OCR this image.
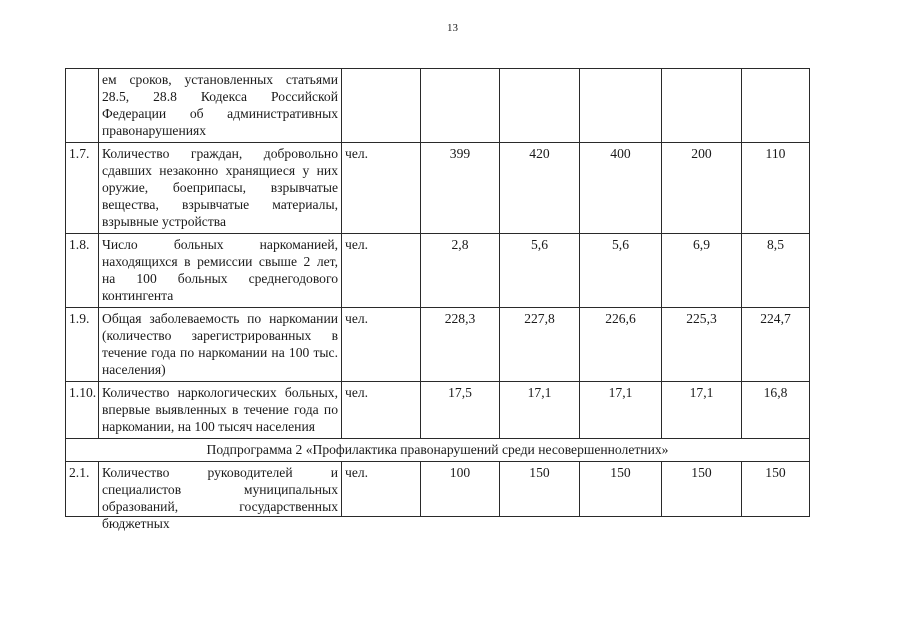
13
	ем сроков, установленных статьями 28.5, 28.8 Кодекса Российской Федерации об административных правонарушениях						
1.7.	Количество граждан, добровольно сдавших незаконно хранящиеся у них оружие, боеприпасы, взрывчатые вещества, взрывчатые материалы, взрывные устройства	чел.	399	420	400	200	110
1.8.	Число больных наркоманией, находящихся в ремиссии свыше 2 лет, на 100 больных среднегодового контингента	чел.	2,8	5,6	5,6	6,9	8,5
1.9.	Общая заболеваемость по наркомании (количество зарегистрированных в течение года по наркомании на 100 тыс. населения)	чел.	228,3	227,8	226,6	225,3	224,7
1.10.	Количество наркологических больных, впервые выявленных в течение года по наркомании, на 100 тысяч населения	чел.	17,5	17,1	17,1	17,1	16,8
Подпрограмма 2 «Профилактика правонарушений среди несовершеннолетних»							
2.1.	Количество руководителей и специалистов муниципальных образований, государственных бюджетных	чел.	100	150	150	150	150
